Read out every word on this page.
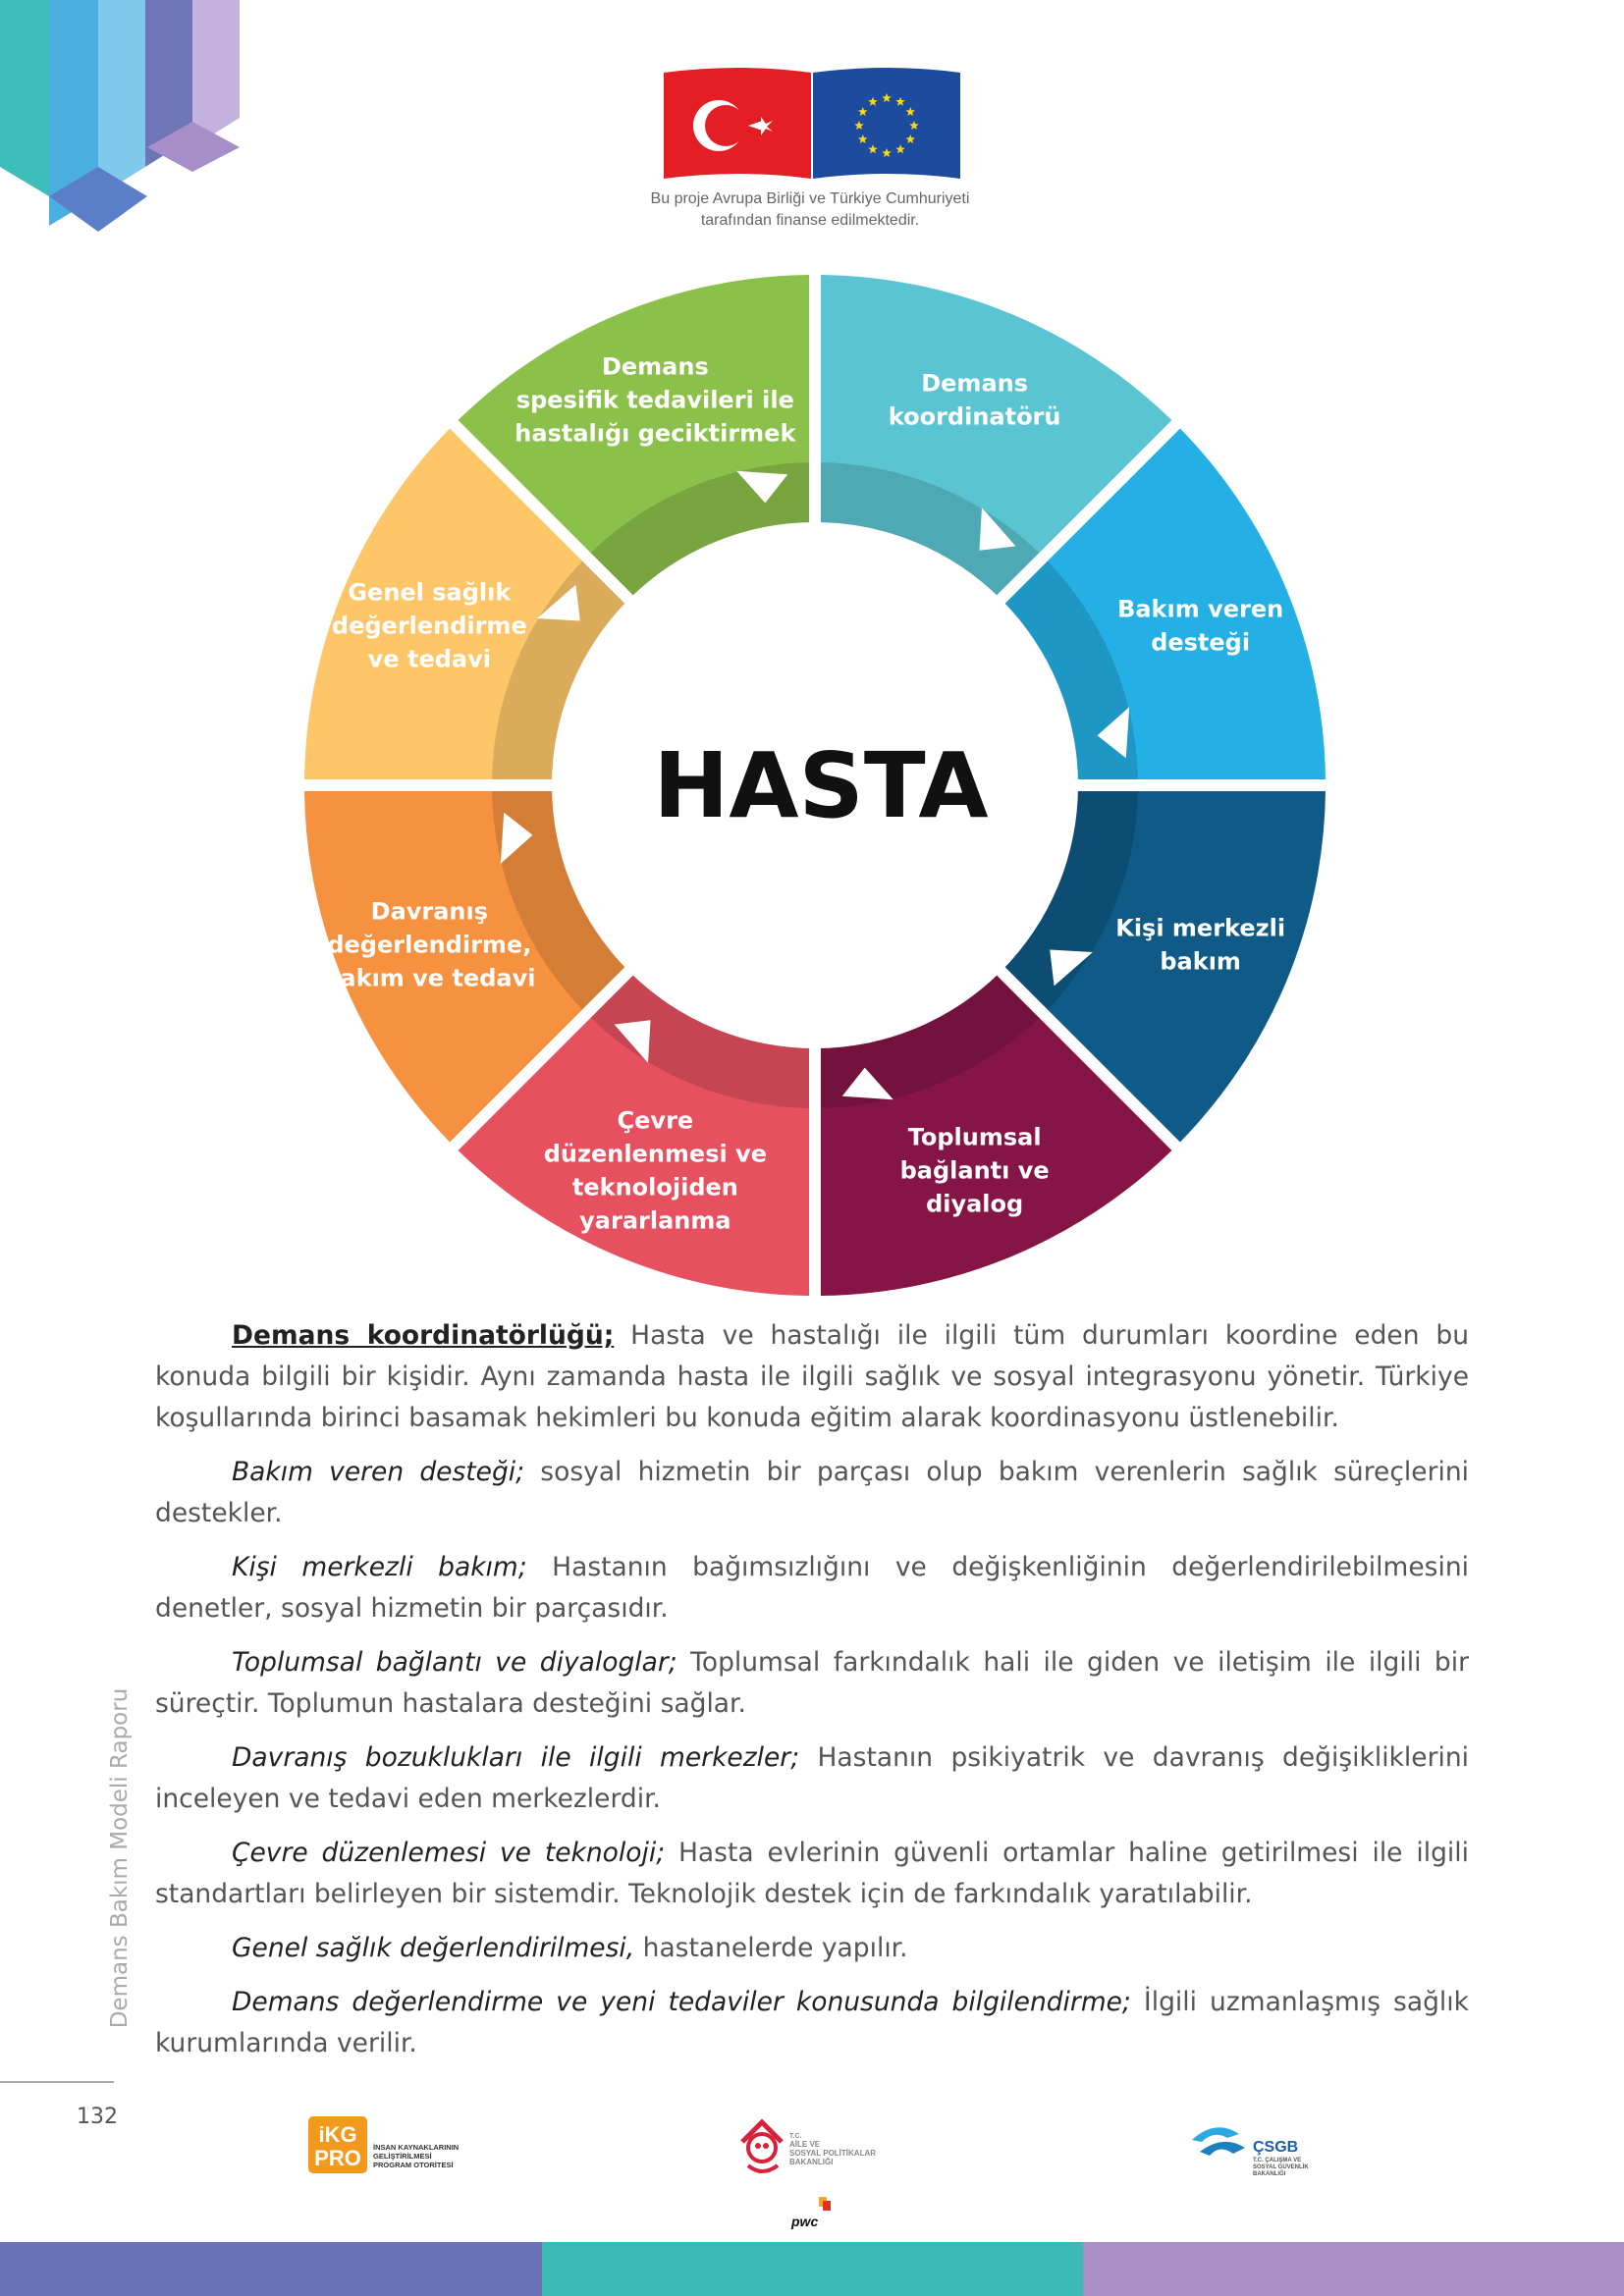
Bu proje Avrupa Birliği ve Türkiye Cumhuriyeti
tarafından finanse edilmektedir.
Demans koordinatörü
Bakım veren desteği
Kişi merkezli bakım
Toplumsal bağlantı ve diyalog
Çevre düzenlenmesi ve teknolojiden yararlanma
Davranış değerlendirme, bakım ve tedavi
Genel sağlık değerlendirme ve tedavi
Demans spesifik tedavileri ile hastalığı geciktirmek
HASTA

Demans koordinatörlüğü; Hasta ve hastalığı ile ilgili tüm durumları koordine eden bu konuda bilgili bir kişidir. Aynı zamanda hasta ile ilgili sağlık ve sosyal integrasyonu yönetir. Türkiye koşullarında birinci basamak hekimleri bu konuda eğitim alarak koordinasyonu üstlenebilir.

Bakım veren desteği; sosyal hizmetin bir parçası olup bakım verenlerin sağlık süreçlerini destekler.

Kişi merkezli bakım; Hastanın bağımsızlığını ve değişkenliğinin değerlendirilebilmesini denetler, sosyal hizmetin bir parçasıdır.

Toplumsal bağlantı ve diyaloglar; Toplumsal farkındalık hali ile giden ve iletişim ile ilgili bir süreçtir. Toplumun hastalara desteğini sağlar.

Davranış bozuklukları ile ilgili merkezler; Hastanın psikiyatrik ve davranış değişikliklerini inceleyen ve tedavi eden merkezlerdir.

Çevre düzenlemesi ve teknoloji; Hasta evlerinin güvenli ortamlar haline getirilmesi ile ilgili standartları belirleyen bir sistemdir. Teknolojik destek için de farkındalık yaratılabilir.

Genel sağlık değerlendirilmesi, hastanelerde yapılır.

Demans değerlendirme ve yeni tedaviler konusunda bilgilendirme; İlgili uzmanlaşmış sağlık kurumlarında verilir.

Demans Bakım Modeli Raporu
132
iKG
PRO İNSAN KAYNAKLARININ
GELİŞTİRİLMESİ
PROGRAM OTORİTESİ
T.C.
AİLE VE
SOSYAL POLİTİKALAR
BAKANLIĞI
ÇSGB
T.C. ÇALIŞMA VE
SOSYAL GÜVENLİK
BAKANLIĞI
pwc
